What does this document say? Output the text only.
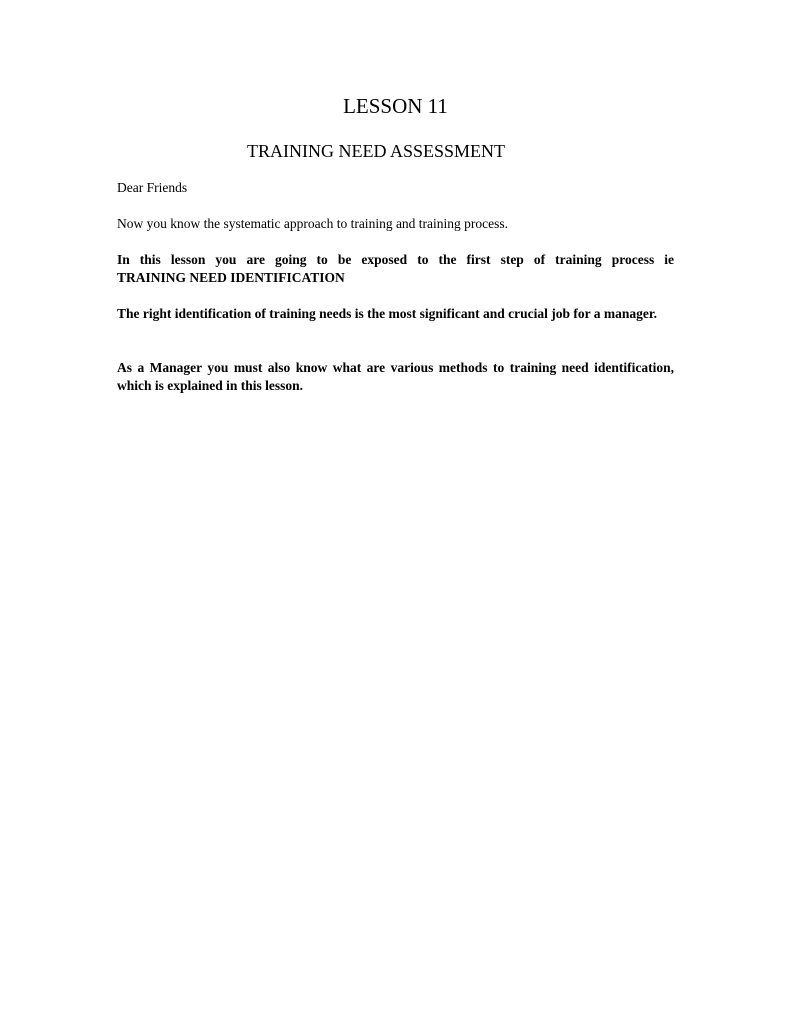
LESSON 11
TRAINING NEED ASSESSMENT

Dear Friends

Now you know the systematic approach to training and training process.

In this lesson you are going to be exposed to the first step of training process ie
TRAINING NEED IDENTIFICATION

The right identification of training needs is the most significant and crucial job for a manager.

As a Manager you must also know what are various methods to training need identification, which is explained in this lesson.
